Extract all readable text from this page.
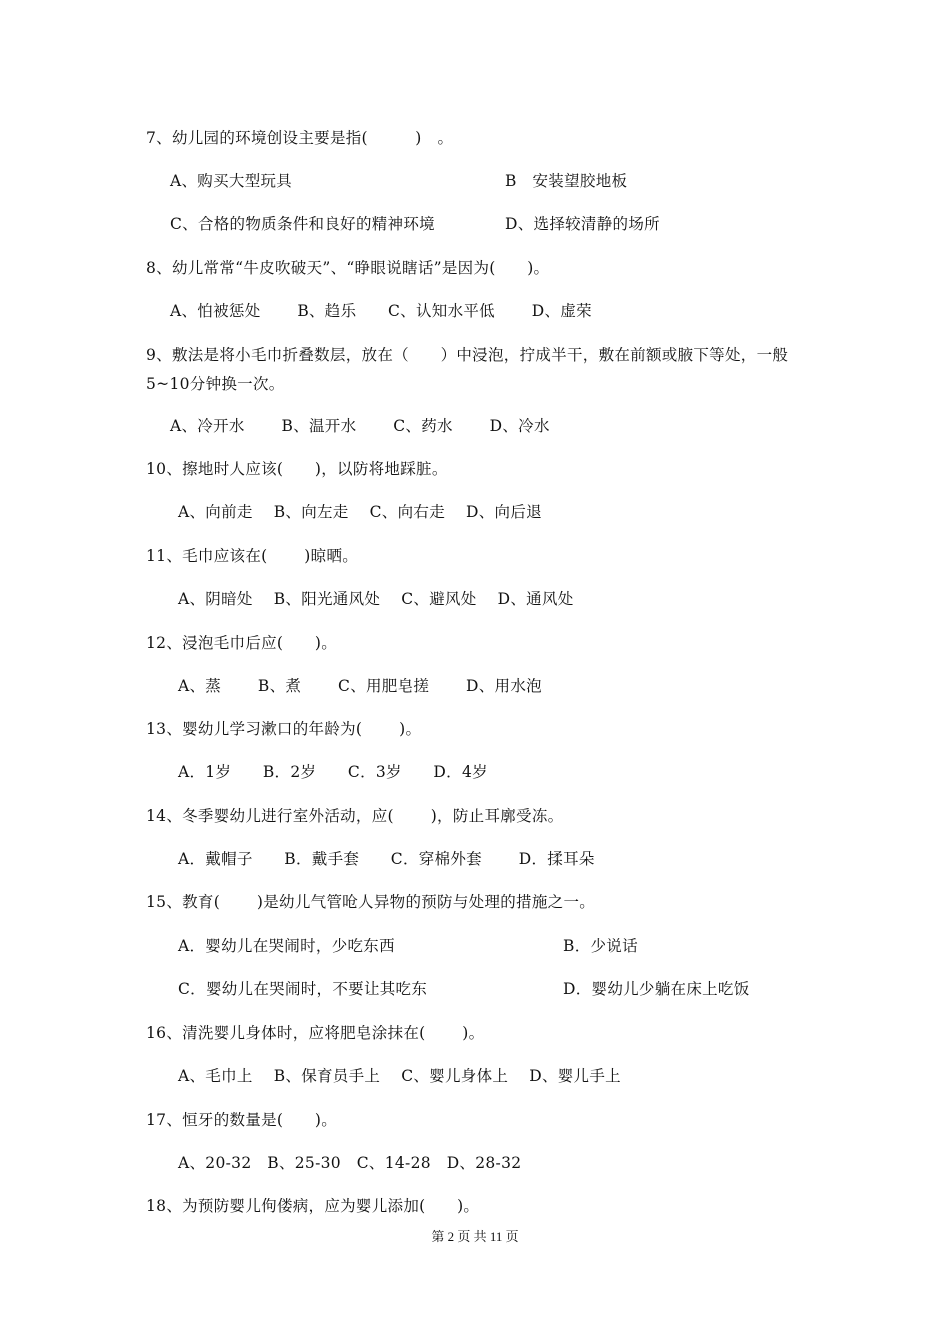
7、幼儿园的环境创设主要是指(　　　)　。
A、购买大型玩具	B　安装望胶地板
C、合格的物质条件和良好的精神环境	D、选择较清静的场所
8、幼儿常常“牛皮吹破天”、“睁眼说瞎话”是因为(　　)。
A、怕被惩处　　 B、趋乐　　C、认知水平低　　 D、虚荣
9、敷法是将小毛巾折叠数层，放在（　　）中浸泡，拧成半干，敷在前额或腋下等处，一般
5~10分钟换一次。
A、冷开水　　 B、温开水　　 C、药水　　 D、冷水
10、擦地时人应该(　　)，以防将地踩脏。
A、向前走　 B、向左走　 C、向右走　 D、向后退
11、毛巾应该在(　　 )晾晒。
A、阴暗处　 B、阳光通风处　 C、避风处　 D、通风处
12、浸泡毛巾后应(　　)。
A、蒸　　 B、煮　　 C、用肥皂搓　　 D、用水泡
13、婴幼儿学习漱口的年龄为(　　 )。
A．1岁　　B．2岁　　C．3岁　　D．4岁
14、冬季婴幼儿进行室外活动，应(　　 )，防止耳廓受冻。
A．戴帽子　　B．戴手套　　C．穿棉外套　　 D．揉耳朵
15、教育(　　 )是幼儿气管呛人异物的预防与处理的措施之一。
A．婴幼儿在哭闹时，少吃东西	B．少说话
C．婴幼儿在哭闹时，不要让其吃东	D．婴幼儿少躺在床上吃饭
16、清洗婴儿身体时，应将肥皂涂抹在(　　 )。
A、毛巾上　 B、保育员手上　 C、婴儿身体上　 D、婴儿手上
17、恒牙的数量是(　　)。
A、20-32　B、25-30　C、14-28　D、28-32
18、为预防婴儿佝偻病，应为婴儿添加(　　)。
第 2 页 共 11 页
